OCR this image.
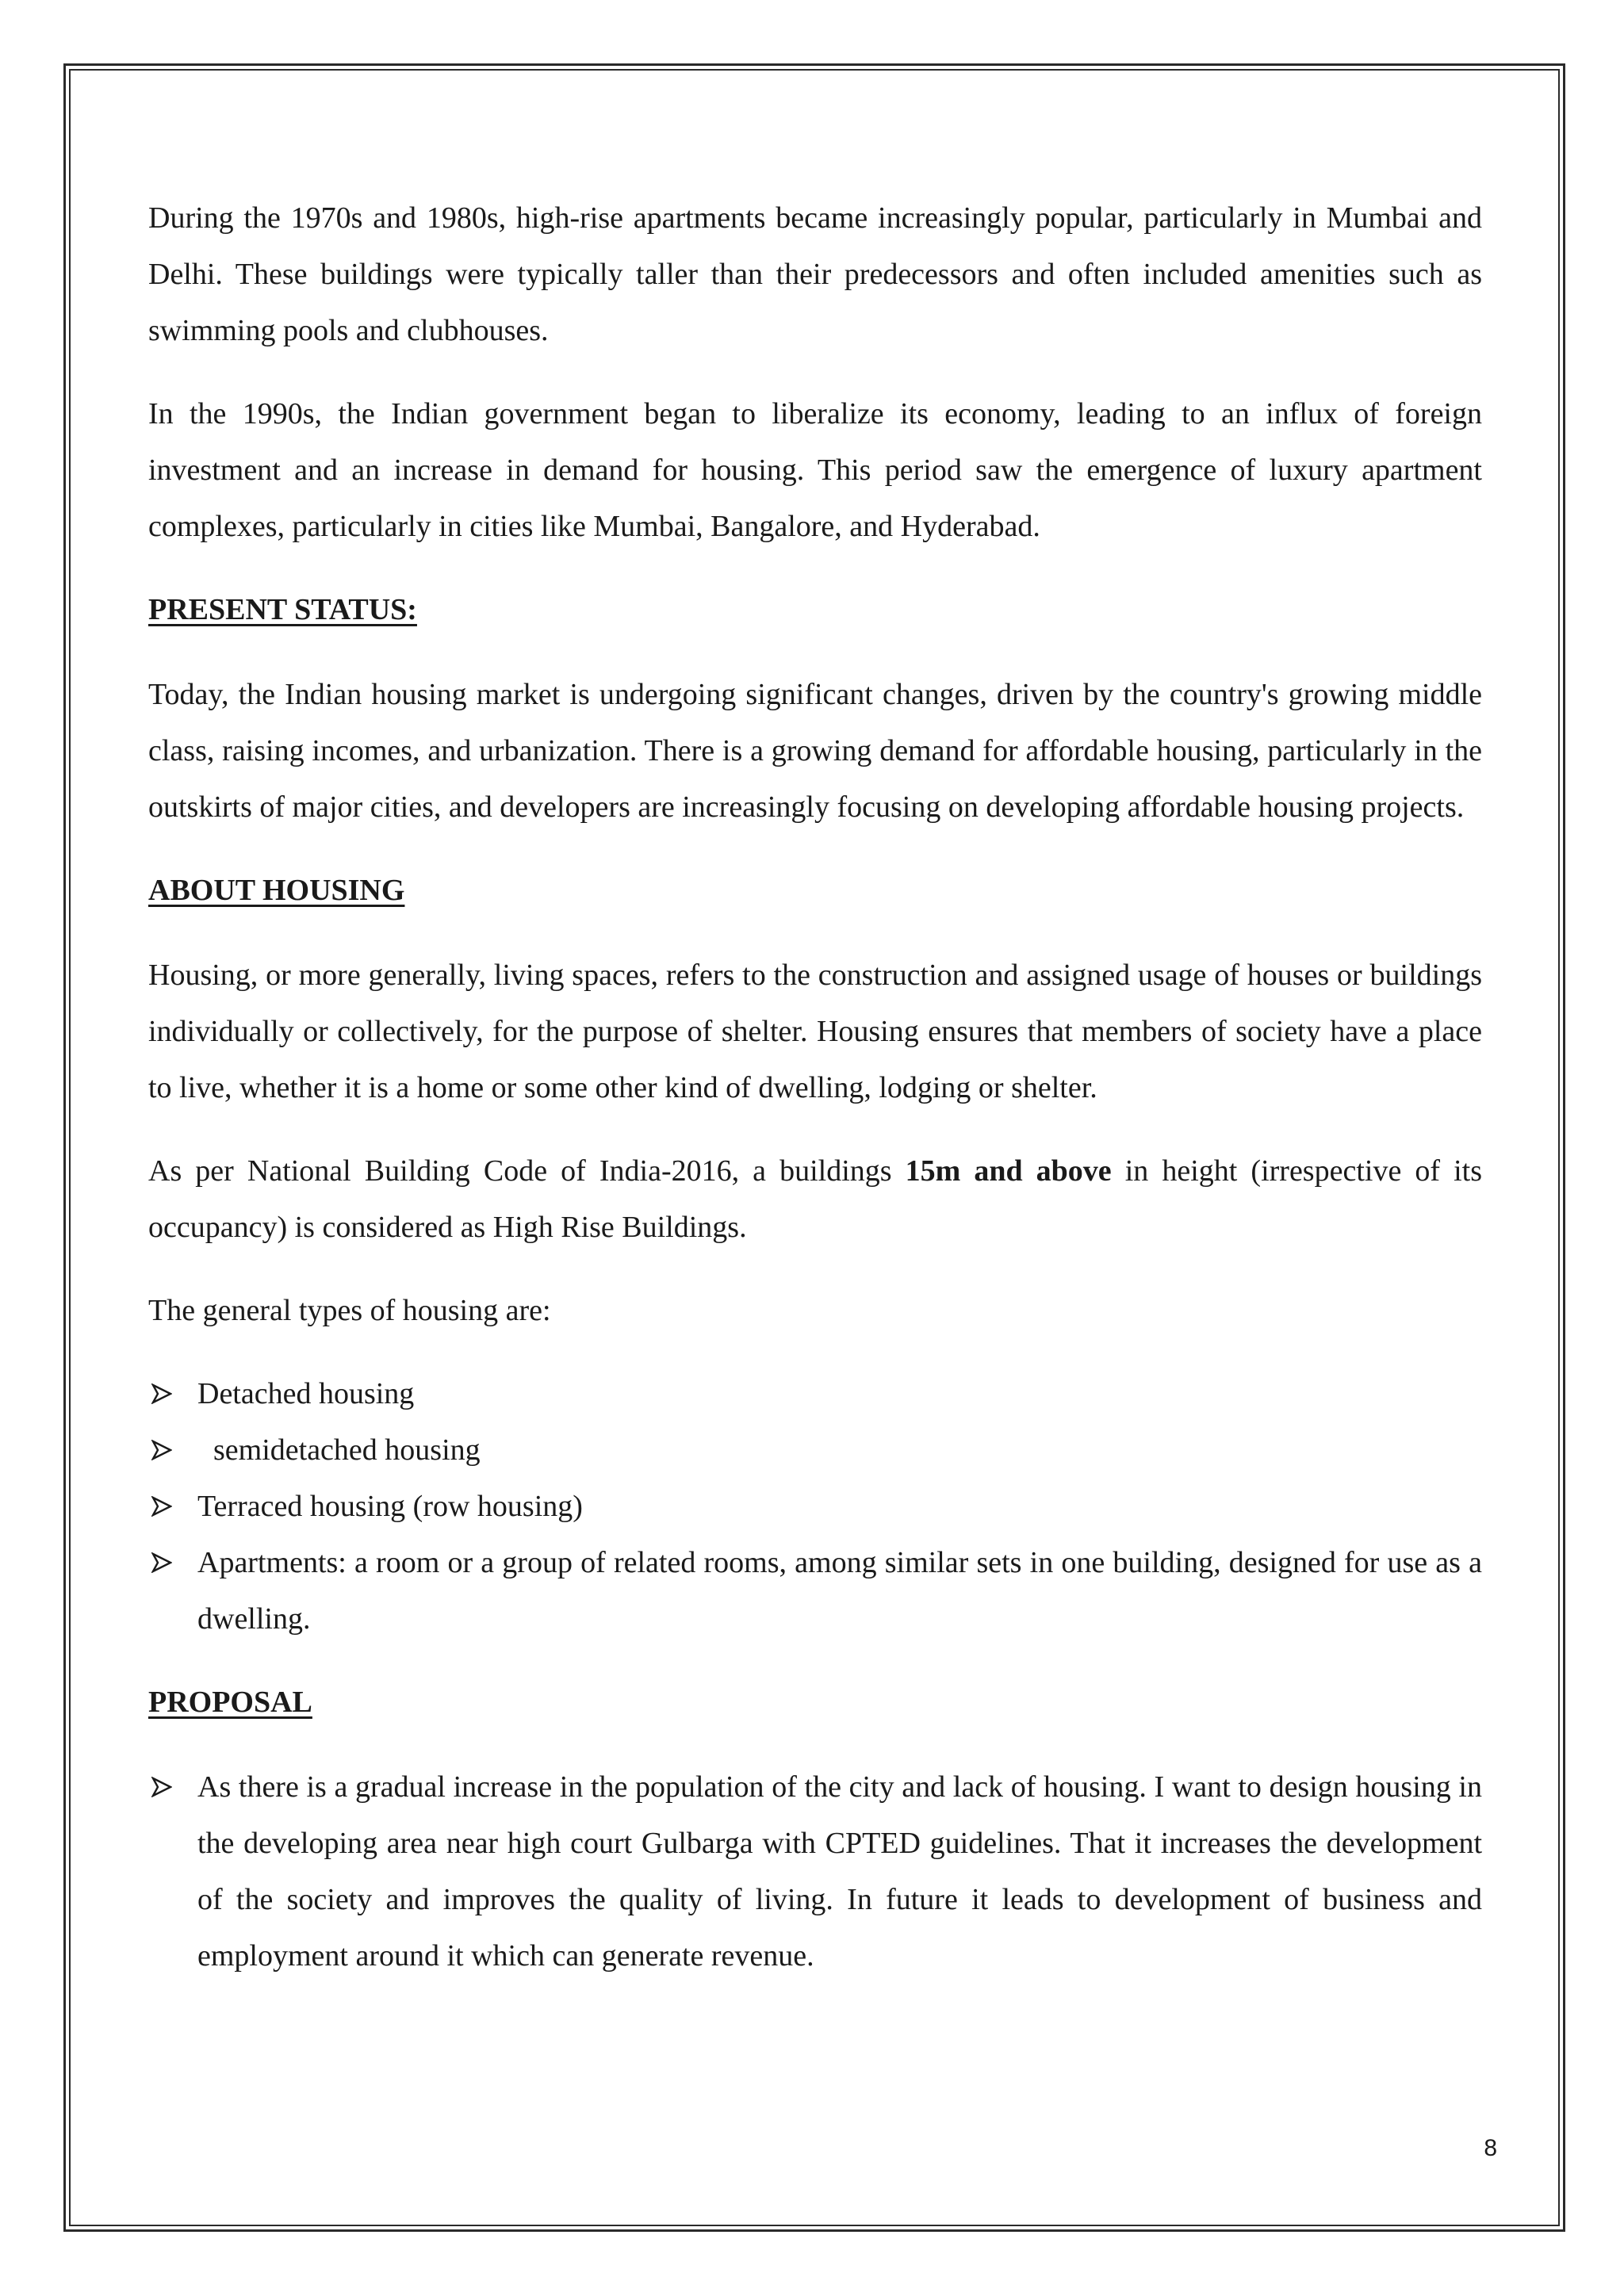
During the 1970s and 1980s, high-rise apartments became increasingly popular, particularly in Mumbai and Delhi. These buildings were typically taller than their predecessors and often included amenities such as swimming pools and clubhouses.

In the 1990s, the Indian government began to liberalize its economy, leading to an influx of foreign investment and an increase in demand for housing. This period saw the emergence of luxury apartment complexes, particularly in cities like Mumbai, Bangalore, and Hyderabad.

PRESENT STATUS:

Today, the Indian housing market is undergoing significant changes, driven by the country's growing middle class, raising incomes, and urbanization. There is a growing demand for affordable housing, particularly in the outskirts of major cities, and developers are increasingly focusing on developing affordable housing projects.

ABOUT HOUSING

Housing, or more generally, living spaces, refers to the construction and assigned usage of houses or buildings individually or collectively, for the purpose of shelter. Housing ensures that members of society have a place to live, whether it is a home or some other kind of dwelling, lodging or shelter.

As per National Building Code of India-2016, a buildings 15m and above in height (irrespective of its occupancy) is considered as High Rise Buildings.

The general types of housing are:

Detached housing
semidetached housing
Terraced housing (row housing)
Apartments: a room or a group of related rooms, among similar sets in one building, designed for use as a dwelling.
PROPOSAL
As there is a gradual increase in the population of the city and lack of housing. I want to design housing in the developing area near high court Gulbarga with CPTED guidelines. That it increases the development of the society and improves the quality of living. In future it leads to development of business and employment around it which can generate revenue.
8
